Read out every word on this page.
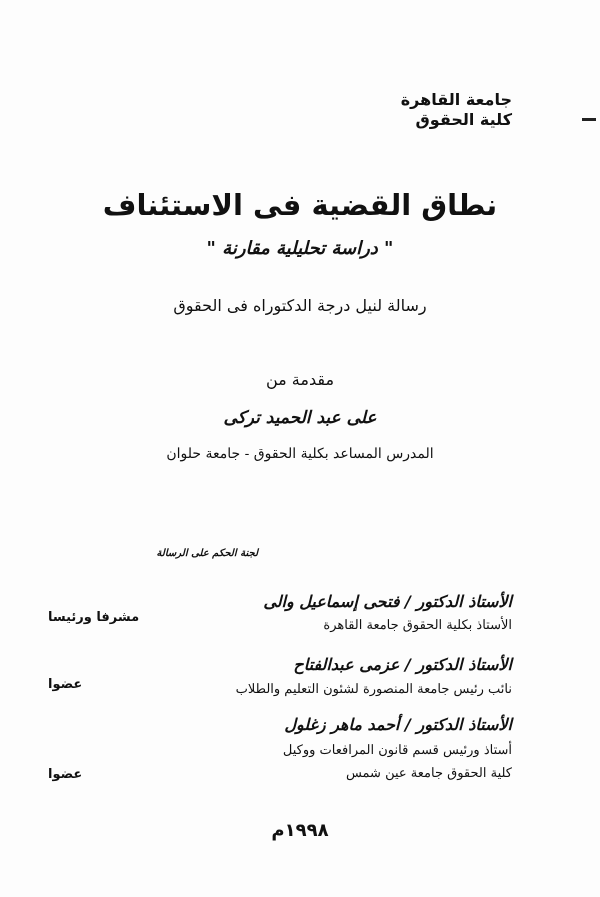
جامعة القاهرة
كلية الحقوق
نطاق القضية فى الاستئناف
" دراسة تحليلية مقارنة "
رسالة لنيل درجة الدكتوراه فى الحقوق
مقدمة من
على عبد الحميد تركى
المدرس المساعد بكلية الحقوق - جامعة حلوان
لجنة الحكم على الرسالة
الأستاذ الدكتور / فتحى إسماعيل والى
الأستاذ بكلية الحقوق جامعة القاهرة
مشرفا ورئيسا
الأستاذ الدكتور / عزمى عبدالفتاح
نائب رئيس جامعة المنصورة لشئون التعليم والطلاب
عضوا
الأستاذ الدكتور / أحمد ماهر زغلول
أستاذ ورئيس قسم قانون المرافعات ووكيل
كلية الحقوق جامعة عين شمس
عضوا
١٩٩٨م
